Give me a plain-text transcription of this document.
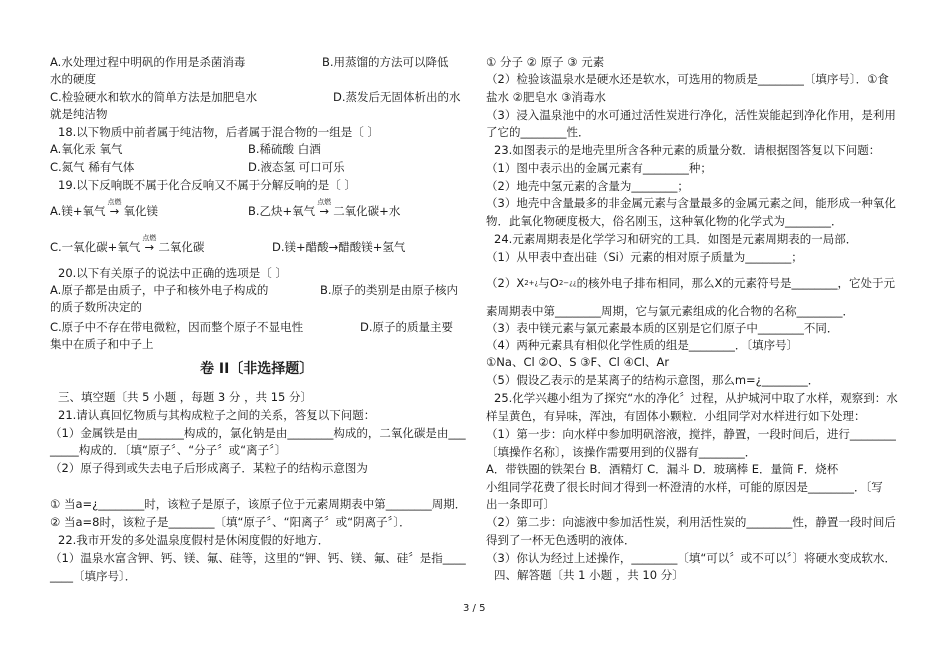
A.水处理过程中明矾的作用是杀菌消毒	B.用蒸馏的方法可以降低
水的硬度
C.检验硬水和软水的简单方法是加肥皂水	D.蒸发后无固体析出的水
就是纯洁物
18.以下物质中前者属于纯洁物，后者属于混合物的一组是〔 〕
A.氧化汞 氧气	B.稀硫酸 白酒
C.氮气 稀有气体	D.液态氢 可口可乐
19.以下反响既不属于化合反响又不属于分解反响的是〔 〕
A.镁+氧气 →
点燃
氧化镁	B.乙炔+氧气 →
点燃
二氧化碳+水
C.一氧化碳+氧气 →
点燃
二氧化碳	D.镁+醋酸→醋酸镁+氢气
20.以下有关原子的说法中正确的选项是〔 〕
A.原子都是由质子，中子和核外电子构成的	B.原子的类别是由原子核内
的质子数所决定的
C.原子中不存在带电微粒，因而整个原子不显电性	D.原子的质量主要
集中在质子和中子上
卷 II〔非选择题〕
三、填空题〔共 5 小题 ，每题 3 分 ，共 15 分〕
21.请认真回忆物质与其构成粒子之间的关系，答复以下问题：
（1）金属铁是由________构成的，氯化钠是由________构成的，二氧化碳是由___
_____构成的．〔填“原子〞、“分子〞或“离子〞〕
（2）原子得到或失去电子后形成离子．某粒子的结构示意图为
① 当a=¿________时，该粒子是原子，该原子位于元素周期表中第________周期．
② 当a=8时，该粒子是________〔填“原子〞、“阳离子〞或“阴离子〞〕．
22.我市开发的多处温泉度假村是休闲度假的好地方．
（1）温泉水富含钾、钙、镁、氟、硅等，这里的“钾、钙、镁、氟、硅〞是指____
____〔填序号〕．
① 分子 ② 原子 ③ 元素
（2）检验该温泉水是硬水还是软水，可选用的物质是________〔填序号〕．①食
盐水 ②肥皂水 ③消毒水
（3）浸入温泉池中的水可通过活性炭进行净化，活性炭能起到净化作用，是利用
了它的________性．
23.如图表示的是地壳里所含各种元素的质量分数．请根据图答复以下问题：
（1）图中表示出的金属元素有________种；
（2）地壳中氢元素的含量为________；
（3）地壳中含量最多的非金属元素与含量最多的金属元素之间，能形成一种氧化
物．此氧化物硬度极大，俗名刚玉，这种氧化物的化学式为________．
24.元素周期表是化学学习和研究的工具．如图是元素周期表的一局部．
（1）从甲表中查出硅（Si）元素的相对原子质量为________；
$(2)X^{2+¿}$与$O^{2-¿¿}$的核外电子排布相同，那么X的元素符号是________，它处于元
素周期表中第________周期，它与氯元素组成的化合物的名称________．
（3）表中镁元素与氯元素最本质的区别是它们原子中________不同．
（4）两种元素具有相似化学性质的组是________．〔填序号〕
①Na、Cl ②O、S ③F、Cl ④Cl、Ar
（5）假设乙表示的是某离子的结构示意图，那么m=¿________．
25.化学兴趣小组为了探究“水的净化〞过程，从护城河中取了水样，观察到：水
样呈黄色，有异味，浑浊，有固体小颗粒．小组同学对水样进行如下处理：
（1）第一步：向水样中参加明矾溶液，搅拌，静置，一段时间后，进行________
〔填操作名称〕，该操作需要用到的仪器有________．
A．带铁圈的铁架台 B．酒精灯 C．漏斗 D．玻璃棒 E．量筒 F．烧杯
小组同学花费了很长时间才得到一杯澄清的水样，可能的原因是________．〔写
出一条即可〕
（2）第二步：向滤液中参加活性炭，利用活性炭的________性，静置一段时间后
得到了一杯无色透明的液体．
（3）你认为经过上述操作，________〔填“可以〞或不可以〞〕将硬水变成软水．
四、解答题〔共 1 小题 ，共 10 分〕
3 / 5
